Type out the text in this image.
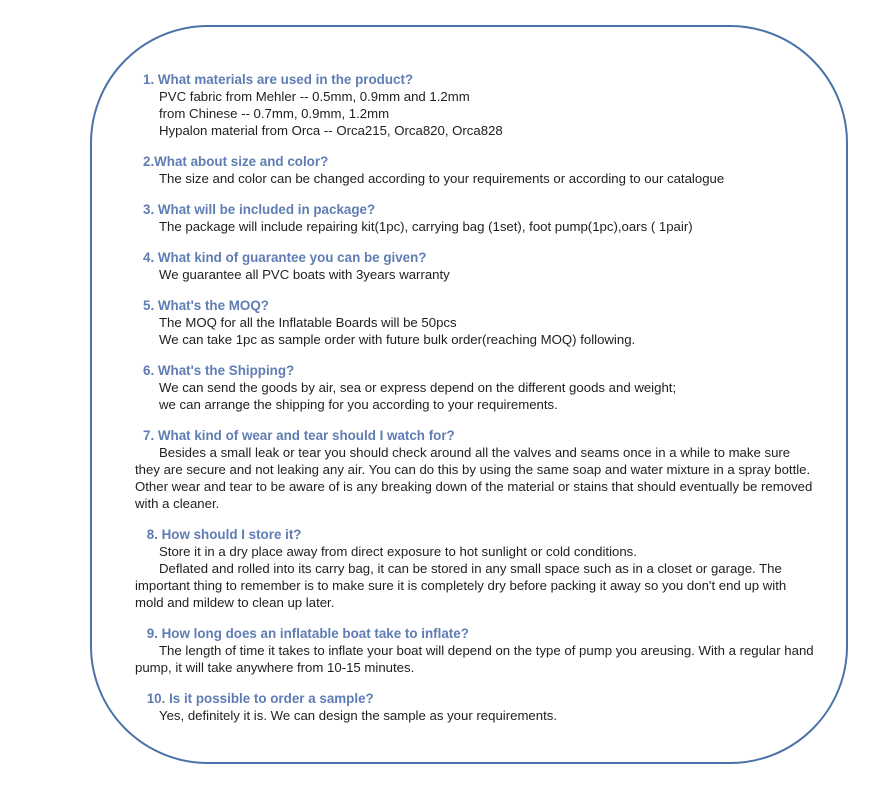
1. What materials are used in the product?
PVC fabric from Mehler -- 0.5mm, 0.9mm and 1.2mm
from Chinese -- 0.7mm, 0.9mm, 1.2mm
Hypalon material from Orca -- Orca215, Orca820, Orca828
2.What about size and color?
The size and color can be changed according to your requirements or according to our catalogue
3. What will be included in package?
The package will include repairing kit(1pc), carrying bag (1set), foot pump(1pc),oars ( 1pair)
4. What kind of guarantee you can be given?
We guarantee all PVC boats with 3years warranty
5. What's the MOQ?
The MOQ for all the Inflatable Boards will be 50pcs
We can take 1pc as sample order with future bulk order(reaching MOQ) following.
6. What's the Shipping?
We can send the goods by air, sea or express depend on the different goods and weight;
we can arrange the shipping for you according to your requirements.
7. What kind of wear and tear should I watch for?
Besides a small leak or tear you should check around all the valves and seams once in a while to make sure they are secure and not leaking any air. You can do this by using the same soap and water mixture in a spray bottle. Other wear and tear to be aware of is any breaking down of the material or stains that should eventually be removed with a cleaner.
8. How should I store it?
Store it in a dry place away from direct exposure to hot sunlight or cold conditions.
Deflated and rolled into its carry bag, it can be stored in any small space such as in a closet or garage. The important thing to remember is to make sure it is completely dry before packing it away so you don't end up with mold and mildew to clean up later.
9. How long does an inflatable boat take to inflate?
The length of time it takes to inflate your boat will depend on the type of pump you areusing. With a regular hand pump, it will take anywhere from 10-15 minutes.
10. Is it possible to order a sample?
Yes, definitely it is. We can design the sample as your requirements.
